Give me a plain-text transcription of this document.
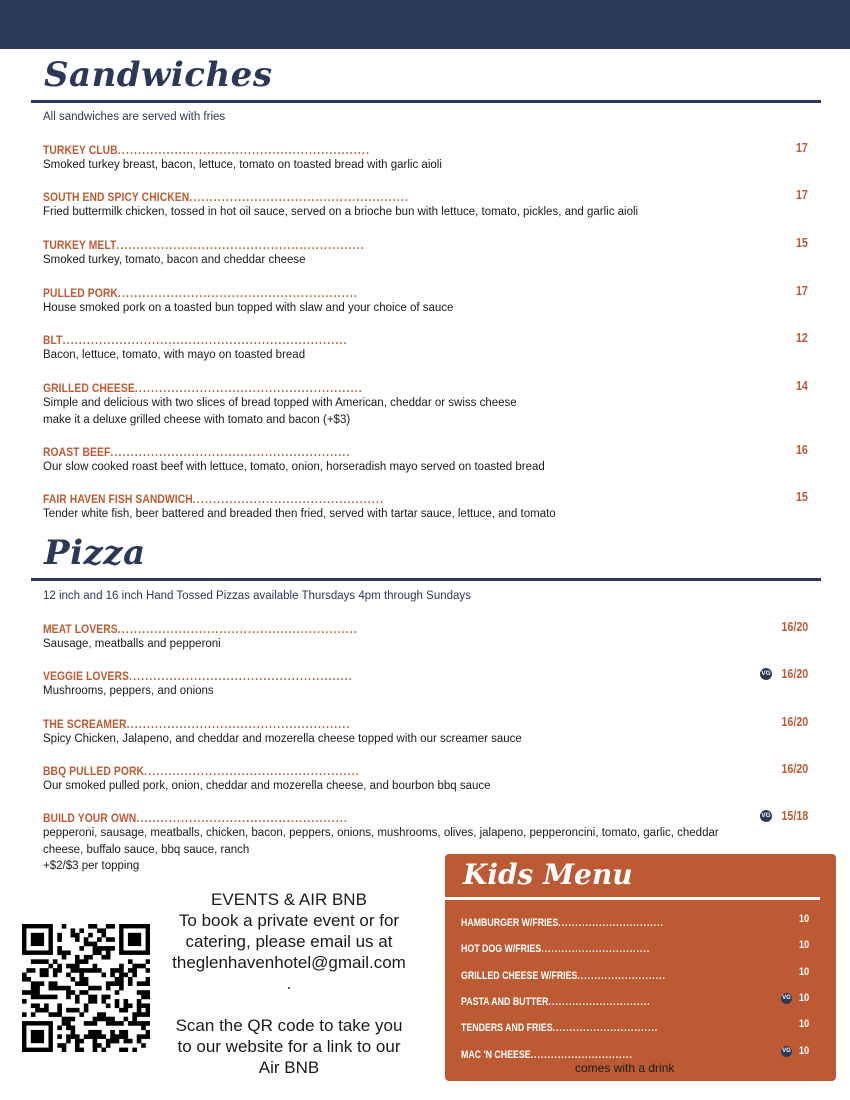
Sandwiches

All sandwiches are served with fries

TURKEY CLUB..............................................................	17

Smoked turkey breast, bacon, lettuce, tomato on toasted bread with garlic aioli

SOUTH END SPICY CHICKEN......................................................	17

Fried buttermilk chicken, tossed in hot oil sauce, served on a brioche bun with lettuce, tomato, pickles, and garlic aioli

TURKEY MELT.............................................................	15

Smoked turkey, tomato, bacon and cheddar cheese

PULLED PORK...........................................................	17

House smoked pork on a toasted bun topped with slaw and your choice of sauce

BLT......................................................................	12

Bacon, lettuce, tomato, with mayo on toasted bread

GRILLED CHEESE........................................................	14

Simple and delicious with two slices of bread topped with American, cheddar or swiss cheese

make it a deluxe grilled cheese with tomato and bacon (+$3)

ROAST BEEF...........................................................	16

Our slow cooked roast beef with lettuce, tomato, onion, horseradish mayo served on toasted bread

FAIR HAVEN FISH SANDWICH...............................................	15

Tender white fish, beer battered and breaded then fried, served with tartar sauce, lettuce, and tomato

Pizza

12 inch and 16 inch Hand Tossed Pizzas available Thursdays 4pm through Sundays

MEAT LOVERS...........................................................	16/20

Sausage, meatballs and pepperoni

VEGGIE LOVERS.......................................................	VG 16/20

Mushrooms, peppers, and onions

THE SCREAMER.......................................................	16/20

Spicy Chicken, Jalapeno, and cheddar and mozerella cheese topped with our screamer sauce

BBQ PULLED PORK.....................................................	16/20

Our smoked pulled pork, onion, cheddar and mozerella cheese, and bourbon bbq sauce

BUILD YOUR OWN....................................................	VG 15/18

pepperoni, sausage, meatballs, chicken, bacon, peppers, onions, mushrooms, olives, jalapeno, pepperoncini, tomato, garlic, cheddar

cheese, buffalo sauce, bbq sauce, ranch

+$2/$3 per topping

EVENTS & AIR BNB

To book a private event or for

catering, please email us at

theglenhavenhotel@gmail.com

.

Scan the QR code to take you

to our website for a link to our

Air BNB

Kids Menu
HAMBURGER W/FRIES...............................	10
HOT DOG W/FRIES................................	10
GRILLED CHEESE W/FRIES..........................	10
PASTA AND BUTTER..............................	VG 10
TENDERS AND FRIES...............................	10
MAC 'N CHEESE..............................	VG 10

comes with a drink
